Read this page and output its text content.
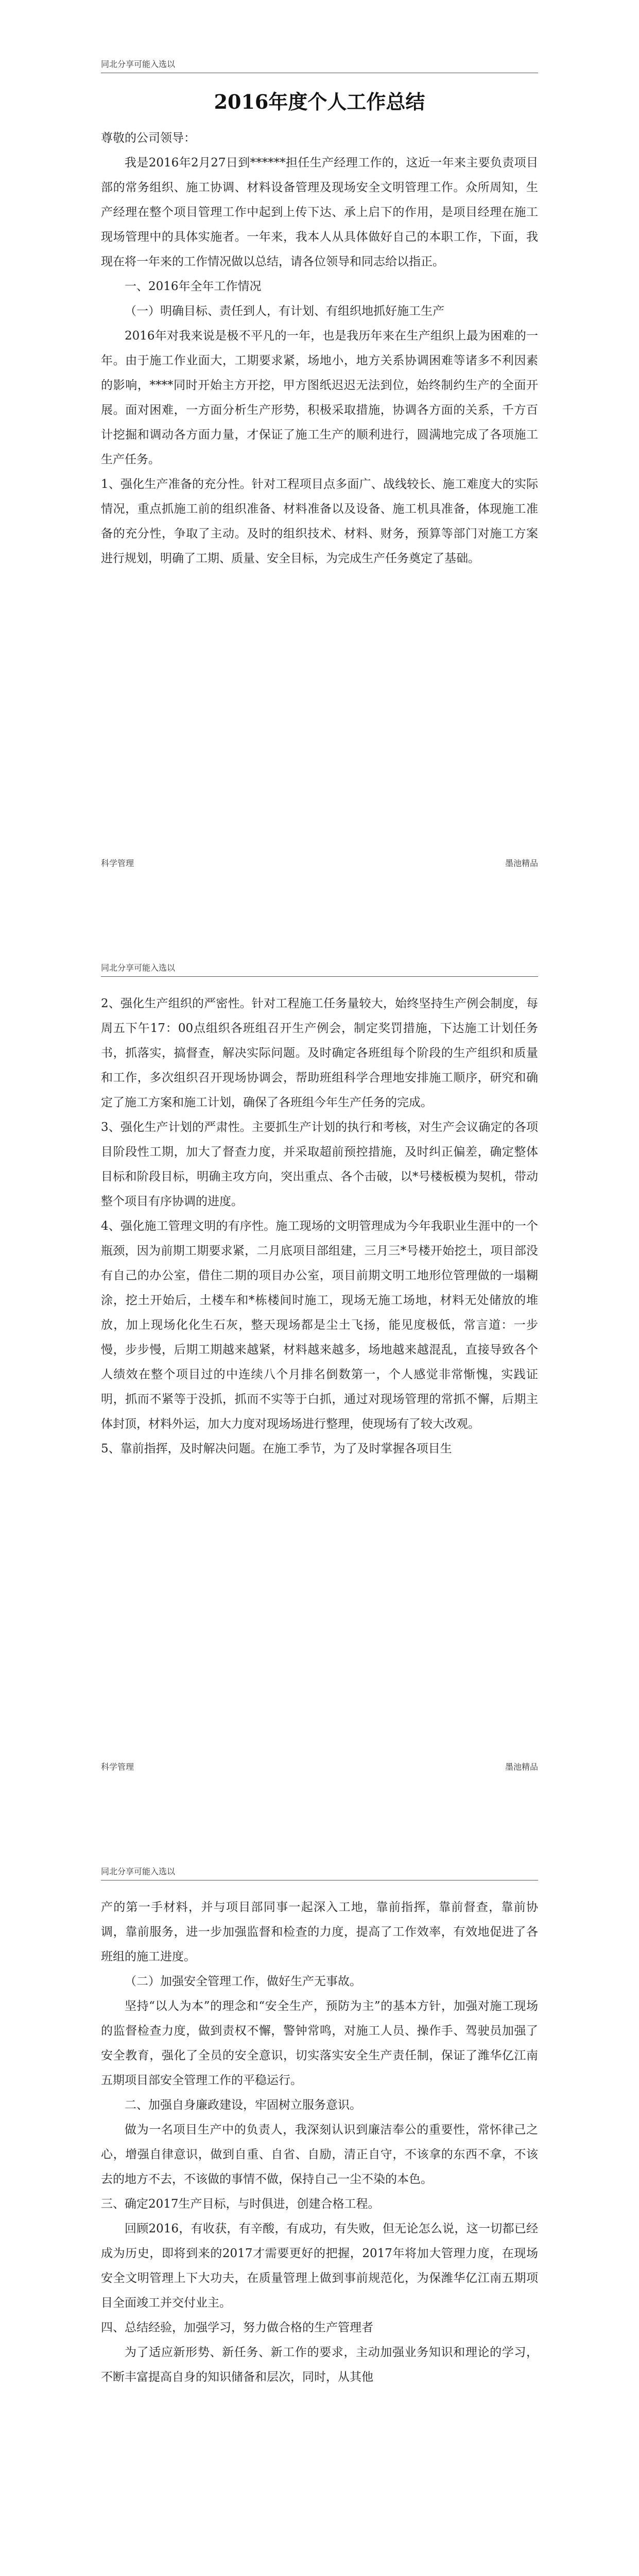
同北分享可能入选以
2016年度个人工作总结

尊敬的公司领导：

我是2016年2月27日到******担任生产经理工作的，这近一年来主要负责项目部的常务组织、施工协调、材料设备管理及现场安全文明管理工作。众所周知，生产经理在整个项目管理工作中起到上传下达、承上启下的作用，是项目经理在施工现场管理中的具体实施者。一年来，我本人从具体做好自己的本职工作，下面，我现在将一年来的工作情况做以总结，请各位领导和同志给以指正。

一、2016年全年工作情况

（一）明确目标、责任到人，有计划、有组织地抓好施工生产

2016年对我来说是极不平凡的一年，也是我历年来在生产组织上最为困难的一年。由于施工作业面大，工期要求紧，场地小，地方关系协调困难等诸多不利因素的影响，****同时开始主方开挖，甲方图纸迟迟无法到位，始终制约生产的全面开展。面对困难，一方面分析生产形势，积极采取措施，协调各方面的关系，千方百计挖掘和调动各方面力量，才保证了施工生产的顺利进行，圆满地完成了各项施工生产任务。

1、强化生产准备的充分性。针对工程项目点多面广、战线较长、施工难度大的实际情况，重点抓施工前的组织准备、材料准备以及设备、施工机具准备，体现施工准备的充分性，争取了主动。及时的组织技术、材料、财务，预算等部门对施工方案进行规划，明确了工期、质量、安全目标，为完成生产任务奠定了基础。

科学管理	墨池精品
同北分享可能入选以

2、强化生产组织的严密性。针对工程施工任务量较大，始终坚持生产例会制度，每周五下午17：00点组织各班组召开生产例会，制定奖罚措施，下达施工计划任务书，抓落实，搞督查，解决实际问题。及时确定各班组每个阶段的生产组织和质量和工作，多次组织召开现场协调会，帮助班组科学合理地安排施工顺序，研究和确定了施工方案和施工计划，确保了各班组今年生产任务的完成。

3、强化生产计划的严肃性。主要抓生产计划的执行和考核，对生产会议确定的各项目阶段性工期，加大了督查力度，并采取超前预控措施，及时纠正偏差，确定整体目标和阶段目标，明确主攻方向，突出重点、各个击破，以*号楼板模为契机，带动整个项目有序协调的进度。

4、强化施工管理文明的有序性。施工现场的文明管理成为今年我职业生涯中的一个瓶颈，因为前期工期要求紧，二月底项目部组建，三月三*号楼开始挖土，项目部没有自己的办公室，借住二期的项目办公室，项目前期文明工地形位管理做的一塌糊涂，挖土开始后，土楼车和*栋楼间时施工，现场无施工场地，材料无处储放的堆放，加上现场化化生石灰，整天现场都是尘土飞扬，能见度极低，常言道：一步慢，步步慢，后期工期越来越紧，材料越来越多，场地越来越混乱，直接导致各个人绩效在整个项目过的中连续八个月排名倒数第一，个人感觉非常惭愧，实践证明，抓而不紧等于没抓，抓而不实等于白抓，通过对现场管理的常抓不懈，后期主体封顶，材料外运，加大力度对现场场进行整理，使现场有了较大改观。

5、靠前指挥，及时解决问题。在施工季节，为了及时掌握各项目生

科学管理	墨池精品
同北分享可能入选以

产的第一手材料，并与项目部同事一起深入工地，靠前指挥，靠前督查，靠前协调，靠前服务，进一步加强监督和检查的力度，提高了工作效率，有效地促进了各班组的施工进度。

（二）加强安全管理工作，做好生产无事故。

坚持“以人为本”的理念和“安全生产，预防为主”的基本方针，加强对施工现场的监督检查力度，做到责权不懈，警钟常鸣，对施工人员、操作手、驾驶员加强了安全教育，强化了全员的安全意识，切实落实安全生产责任制，保证了潍华亿江南五期项目部安全管理工作的平稳运行。

二、加强自身廉政建设，牢固树立服务意识。

做为一名项目生产中的负责人，我深刻认识到廉洁奉公的重要性，常怀律己之心，增强自律意识，做到自重、自省、自励，清正自守，不该拿的东西不拿，不该去的地方不去，不该做的事情不做，保持自己一尘不染的本色。

三、确定2017生产目标，与时俱进，创建合格工程。

回顾2016，有收获，有辛酸，有成功，有失败，但无论怎么说，这一切都已经成为历史，即将到来的2017才需要更好的把握，2017年将加大管理力度，在现场安全文明管理上下大功夫，在质量管理上做到事前规范化，为保潍华亿江南五期项目全面竣工并交付业主。

四、总结经验，加强学习，努力做合格的生产管理者

为了适应新形势、新任务、新工作的要求，主动加强业务知识和理论的学习，不断丰富提高自身的知识储备和层次，同时，从其他
